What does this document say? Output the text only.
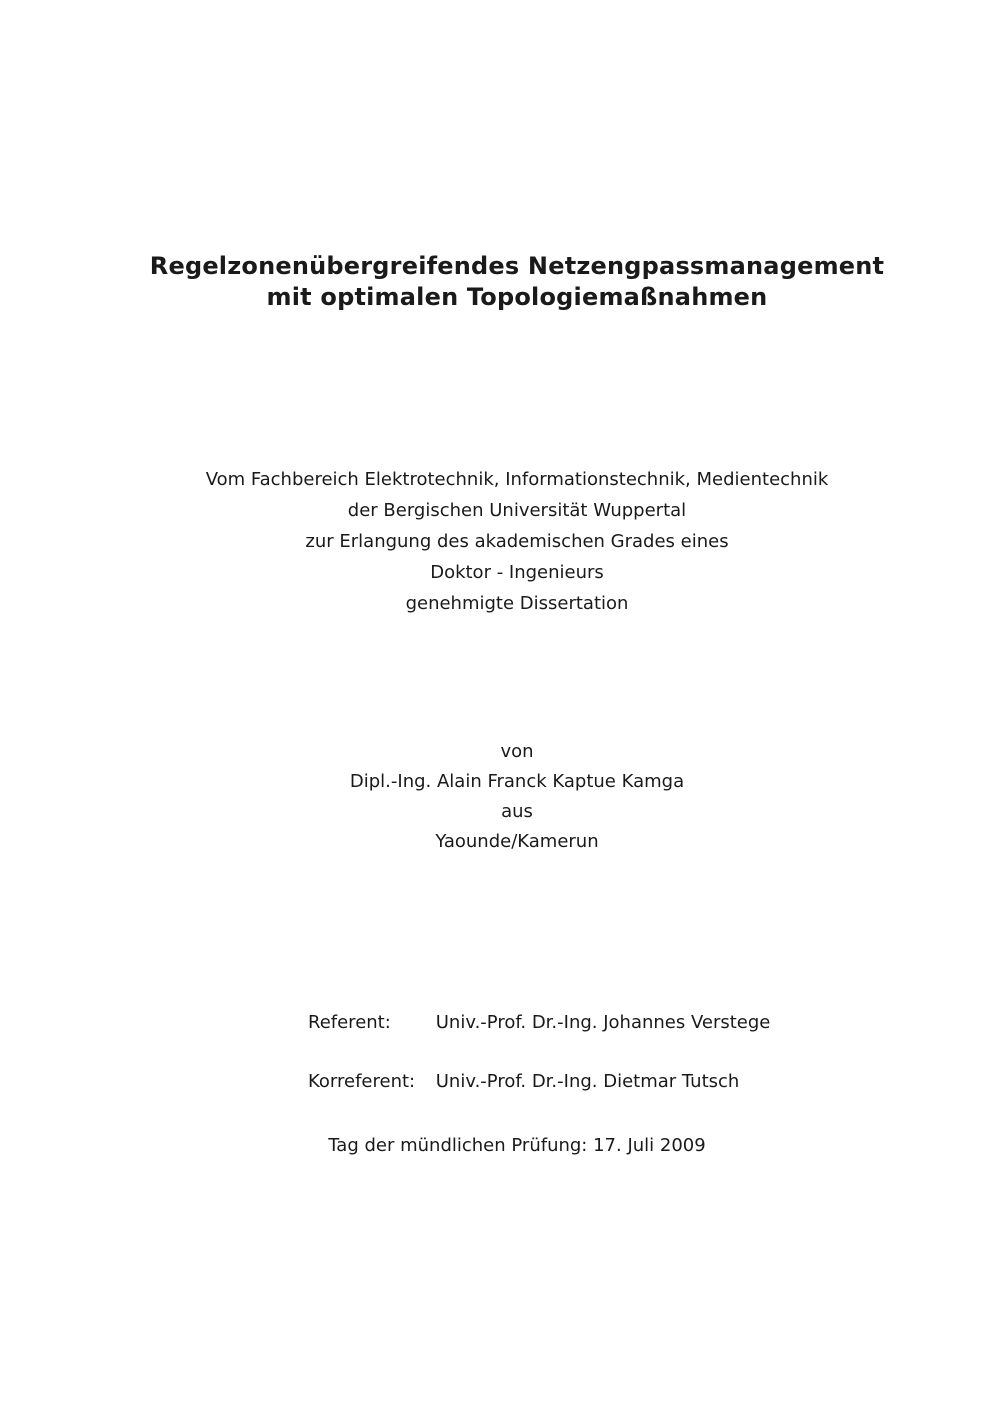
Regelzonenübergreifendes Netzengpassmanagement
mit optimalen Topologiemaßnahmen

Vom Fachbereich Elektrotechnik, Informationstechnik, Medientechnik

der Bergischen Universität Wuppertal

zur Erlangung des akademischen Grades eines

Doktor - Ingenieurs

genehmigte Dissertation

von

Dipl.-Ing. Alain Franck Kaptue Kamga

aus

Yaounde/Kamerun

Referent: Univ.-Prof. Dr.-Ing. Johannes Verstege
Korreferent: Univ.-Prof. Dr.-Ing. Dietmar Tutsch

Tag der mündlichen Prüfung: 17. Juli 2009
